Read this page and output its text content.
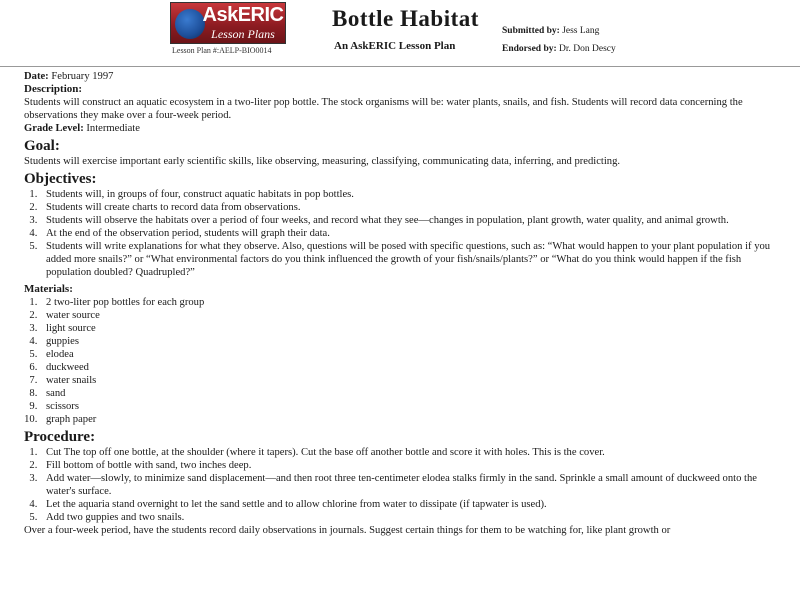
AskERIC
Lesson Plans
Lesson Plan #:AELP-BIO0014
Bottle Habitat
An AskERIC Lesson Plan
Submitted by: Jess Lang
Endorsed by: Dr. Don Descy

Date: February 1997

Description:

Students will construct an aquatic ecosystem in a two-liter pop bottle. The stock organisms will be: water plants, snails, and fish. Students will record data concerning the observations they make over a four-week period.

Grade Level: Intermediate

Goal:

Students will exercise important early scientific skills, like observing, measuring, classifying, communicating data, inferring, and predicting.

Objectives:
1. Students will, in groups of four, construct aquatic habitats in pop bottles.
2. Students will create charts to record data from observations.
3. Students will observe the habitats over a period of four weeks, and record what they see—changes in population, plant growth, water quality, and animal growth.
4. At the end of the observation period, students will graph their data.
5. Students will write explanations for what they observe. Also, questions will be posed with specific questions, such as: “What would happen to your plant population if you added more snails?” or “What environmental factors do you think influenced the growth of your fish/snails/plants?” or “What do you think would happen if the fish population doubled? Quadrupled?”
Materials:
1. 2 two-liter pop bottles for each group
2. water source
3. light source
4. guppies
5. elodea
6. duckweed
7. water snails
8. sand
9. scissors
10. graph paper
Procedure:
1. Cut The top off one bottle, at the shoulder (where it tapers). Cut the base off another bottle and score it with holes. This is the cover.
2. Fill bottom of bottle with sand, two inches deep.
3. Add water—slowly, to minimize sand displacement—and then root three ten-centimeter elodea stalks firmly in the sand. Sprinkle a small amount of duckweed onto the water's surface.
4. Let the aquaria stand overnight to let the sand settle and to allow chlorine from water to dissipate (if tapwater is used).
5. Add two guppies and two snails.

Over a four-week period, have the students record daily observations in journals. Suggest certain things for them to be watching for, like plant growth or
